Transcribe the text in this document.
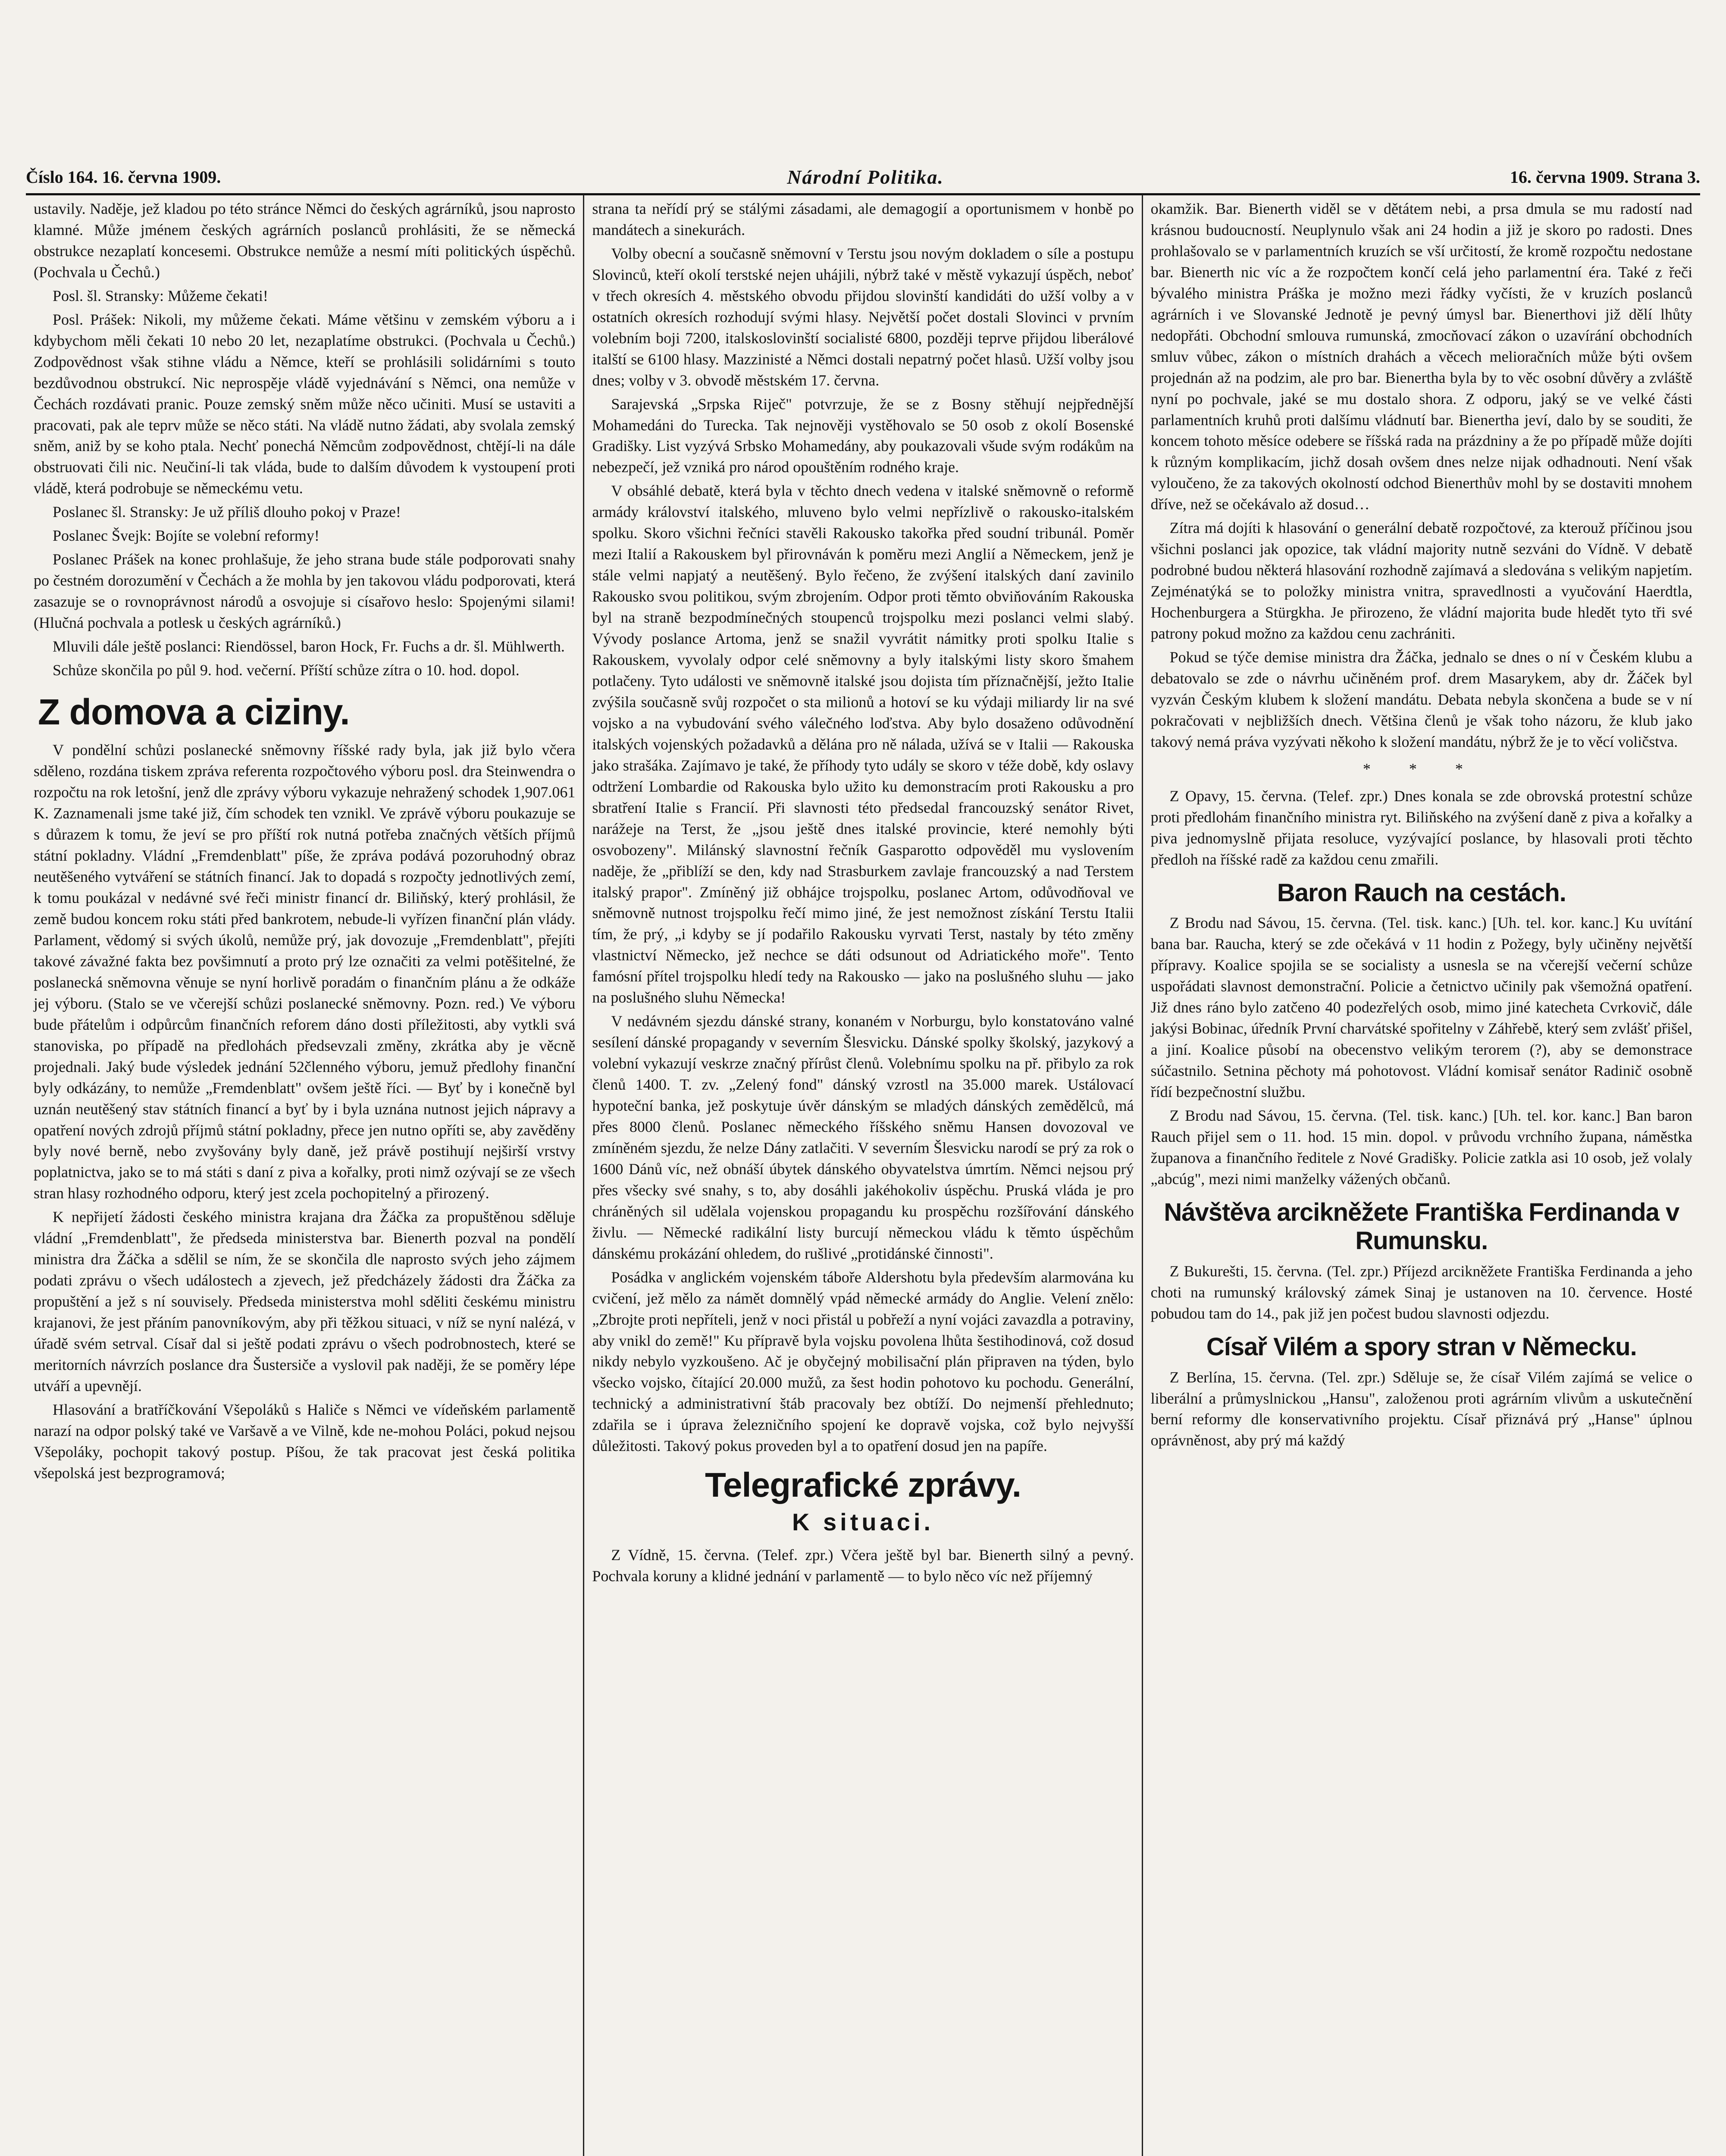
Číslo 164. 16. června 1909.	Národní Politika.	16. června 1909. Strana 3.

ustavily. Naděje, jež kladou po této stránce Němci do českých agrárníků, jsou naprosto klamné. Může jménem českých agrárních poslanců prohlásiti, že se německá obstrukce nezaplatí koncesemi. Obstrukce nemůže a nesmí míti politických úspěchů. (Pochvala u Čechů.)

Posl. šl. Stransky: Můžeme čekati!

Posl. Prášek: Nikoli, my můžeme čekati. Máme většinu v zemském výboru a i kdybychom měli čekati 10 nebo 20 let, nezaplatíme obstrukci. (Pochvala u Čechů.) Zodpovědnost však stihne vládu a Němce, kteří se prohlásili solidárními s touto bezdůvodnou obstrukcí. Nic neprospěje vládě vyjednávání s Němci, ona nemůže v Čechách rozdávati pranic. Pouze zemský sněm může něco učiniti. Musí se ustaviti a pracovati, pak ale teprv může se něco státi. Na vládě nutno žádati, aby svolala zemský sněm, aniž by se koho ptala. Nechť ponechá Němcům zodpovědnost, chtějí-li na dále obstruovati čili nic. Neučiní-li tak vláda, bude to dalším důvodem k vystoupení proti vládě, která podrobuje se německému vetu.

Poslanec šl. Stransky: Je už příliš dlouho pokoj v Praze!

Poslanec Švejk: Bojíte se volební reformy!

Poslanec Prášek na konec prohlašuje, že jeho strana bude stále podporovati snahy po čestném dorozumění v Čechách a že mohla by jen takovou vládu podporovati, která zasazuje se o rovnoprávnost národů a osvojuje si císařovo heslo: Spojenými silami! (Hlučná pochvala a potlesk u českých agrárníků.)

Mluvili dále ještě poslanci: Riendössel, baron Hock, Fr. Fuchs a dr. šl. Mühlwerth.

Schůze skončila po půl 9. hod. večerní. Příští schůze zítra o 10. hod. dopol.

Z domova a ciziny.

V pondělní schůzi poslanecké sněmovny říšské rady byla, jak již bylo včera sděleno, rozdána tiskem zpráva referenta rozpočtového výboru posl. dra Steinwendra o rozpočtu na rok letošní, jenž dle zprávy výboru vykazuje nehražený schodek 1,907.061 K. Zaznamenali jsme také již, čím schodek ten vznikl. Ve zprávě výboru poukazuje se s důrazem k tomu, že jeví se pro příští rok nutná potřeba značných větších příjmů státní pokladny. Vládní „Fremdenblatt" píše, že zpráva podává pozoruhodný obraz neutěšeného vytváření se státních financí. Jak to dopadá s rozpočty jednotlivých zemí, k tomu poukázal v nedávné své řeči ministr financí dr. Biliňský, který prohlásil, že země budou koncem roku státi před bankrotem, nebude-li vyřízen finanční plán vlády. Parlament, vědomý si svých úkolů, nemůže prý, jak dovozuje „Fremdenblatt", přejíti takové závažné fakta bez povšimnutí a proto prý lze označiti za velmi potěšitelné, že poslanecká sněmovna věnuje se nyní horlivě poradám o finančním plánu a že odkáže jej výboru. (Stalo se ve včerejší schůzi poslanecké sněmovny. Pozn. red.) Ve výboru bude přátelům i odpůrcům finančních reforem dáno dosti příležitosti, aby vytkli svá stanoviska, po případě na předlohách předsevzali změny, zkrátka aby je věcně projednali. Jaký bude výsledek jednání 52členného výboru, jemuž předlohy finanční byly odkázány, to nemůže „Fremdenblatt" ovšem ještě říci. — Byť by i konečně byl uznán neutěšený stav státních financí a byť by i byla uznána nutnost jejich nápravy a opatření nových zdrojů příjmů státní pokladny, přece jen nutno opříti se, aby zavěděny byly nové berně, nebo zvyšovány byly daně, jež právě postihují nejširší vrstvy poplatnictva, jako se to má státi s daní z piva a kořalky, proti nimž ozývají se ze všech stran hlasy rozhodného odporu, který jest zcela pochopitelný a přirozený.

K nepřijetí žádosti českého ministra krajana dra Žáčka za propuštěnou sděluje vládní „Fremdenblatt", že předseda ministerstva bar. Bienerth pozval na pondělí ministra dra Žáčka a sdělil se ním, že se skončila dle naprosto svých jeho zájmem podati zprávu o všech událostech a zjevech, jež předcházely žádosti dra Žáčka za propuštění a jež s ní souvisely. Předseda ministerstva mohl sděliti českému ministru krajanovi, že jest přáním panovníkovým, aby při těžkou situaci, v níž se nyní nalézá, v úřadě svém setrval. Císař dal si ještě podati zprávu o všech podrobnostech, které se meritorních návrzích poslance dra Šustersiče a vyslovil pak naději, že se poměry lépe utváří a upevnějí.

Hlasování a bratříčkování Všepoláků s Haliče s Němci ve vídeňském parlamentě narazí na odpor polský také ve Varšavě a ve Vilně, kde ne-mohou Poláci, pokud nejsou Všepoláky, pochopit takový postup. Píšou, že tak pracovat jest česká politika všepolská jest bezprogramová;

strana ta neřídí prý se stálými zásadami, ale demagogií a oportunismem v honbě po mandátech a sinekurách.

Volby obecní a současně sněmovní v Terstu jsou novým dokladem o síle a postupu Slovinců, kteří okolí terstské nejen uhájili, nýbrž také v městě vykazují úspěch, neboť v třech okresích 4. městského obvodu přijdou slovinští kandidáti do užší volby a v ostatních okresích rozhodují svými hlasy. Největší počet dostali Slovinci v prvním volebním boji 7200, italskoslovinští socialisté 6800, později teprve přijdou liberálové italští se 6100 hlasy. Mazzinisté a Němci dostali nepatrný počet hlasů. Užší volby jsou dnes; volby v 3. obvodě městském 17. června.

Sarajevská „Srpska Riječ" potvrzuje, že se z Bosny stěhují nejpřednější Mohamedáni do Turecka. Tak nejnověji vystěhovalo se 50 osob z okolí Bosenské Gradišky. List vyzývá Srbsko Mohamedány, aby poukazovali všude svým rodákům na nebezpečí, jež vzniká pro národ opouštěním rodného kraje.

V obsáhlé debatě, která byla v těchto dnech vedena v italské sněmovně o reformě armády království italského, mluveno bylo velmi nepřízlivě o rakousko-italském spolku. Skoro všichni řečníci stavěli Rakousko takořka před soudní tribunál. Poměr mezi Italií a Rakouskem byl přirovnáván k poměru mezi Anglií a Německem, jenž je stále velmi napjatý a neutěšený. Bylo řečeno, že zvýšení italských daní zavinilo Rakousko svou politikou, svým zbrojením. Odpor proti těmto obviňováním Rakouska byl na straně bezpodmínečných stoupenců trojspolku mezi poslanci velmi slabý. Vývody poslance Artoma, jenž se snažil vyvrátit námitky proti spolku Italie s Rakouskem, vyvolaly odpor celé sněmovny a byly italskými listy skoro šmahem potlačeny. Tyto události ve sněmovně italské jsou dojista tím příznačnější, ježto Italie zvýšila současně svůj rozpočet o sta milionů a hotoví se ku výdaji miliardy lir na své vojsko a na vybudování svého válečného loďstva. Aby bylo dosaženo odůvodnění italských vojenských požadavků a dělána pro ně nálada, užívá se v Italii — Rakouska jako strašáka. Zajímavo je také, že příhody tyto udály se skoro v téže době, kdy oslavy odtržení Lombardie od Rakouska bylo užito ku demonstracím proti Rakousku a pro sbratření Italie s Francií. Při slavnosti této předsedal francouzský senátor Rivet, narážeje na Terst, že „jsou ještě dnes italské provincie, které nemohly býti osvobozeny". Milánský slavnostní řečník Gasparotto odpověděl mu vyslovením naděje, že „přiblíží se den, kdy nad Strasburkem zavlaje francouzský a nad Terstem italský prapor". Zmíněný již obhájce trojspolku, poslanec Artom, odůvodňoval ve sněmovně nutnost trojspolku řečí mimo jiné, že jest nemožnost získání Terstu Italii tím, že prý, „i kdyby se jí podařilo Rakousku vyrvati Terst, nastaly by této změny vlastnictví Německo, jež nechce se dáti odsunout od Adriatického moře". Tento famósní přítel trojspolku hledí tedy na Rakousko — jako na poslušného sluhu — jako na poslušného sluhu Německa!

V nedávném sjezdu dánské strany, konaném v Norburgu, bylo konstatováno valné sesílení dánské propagandy v severním Šlesvicku. Dánské spolky školský, jazykový a volební vykazují veskrze značný přírůst členů. Volebnímu spolku na př. přibylo za rok členů 1400. T. zv. „Zelený fond" dánský vzrostl na 35.000 marek. Ustálovací hypoteční banka, jež poskytuje úvěr dánským se mladých dánských zemědělců, má přes 8000 členů. Poslanec německého říšského sněmu Hansen dovozoval ve zmíněném sjezdu, že nelze Dány zatlačiti. V severním Šlesvicku narodí se prý za rok o 1600 Dánů víc, než obnáší úbytek dánského obyvatelstva úmrtím. Němci nejsou prý přes všecky své snahy, s to, aby dosáhli jakéhokoliv úspěchu. Pruská vláda je pro chráněných sil udělala vojenskou propagandu ku prospěchu rozšířování dánského živlu. — Německé radikální listy burcují německou vládu k těmto úspěchům dánskému prokázání ohledem, do rušlivé „protidánské činnosti".

Posádka v anglickém vojenském táboře Aldershotu byla především alarmována ku cvičení, jež mělo za námět domnělý vpád německé armády do Anglie. Velení znělo: „Zbrojte proti nepříteli, jenž v noci přistál u pobřeží a nyní vojáci zavazdla a potraviny, aby vnikl do země!" Ku přípravě byla vojsku povolena lhůta šestihodinová, což dosud nikdy nebylo vyzkoušeno. Ač je obyčejný mobilisační plán připraven na týden, bylo všecko vojsko, čítající 20.000 mužů, za šest hodin pohotovo ku pochodu. Generální, technický a administrativní štáb pracovaly bez obtíží. Do nejmenší přehlednuto; zdařila se i úprava železničního spojení ke dopravě vojska, což bylo nejvyšší důležitosti. Takový pokus proveden byl a to opatření dosud jen na papíře.

Telegrafické zprávy.
K situaci.

Z Vídně, 15. června. (Telef. zpr.) Včera ještě byl bar. Bienerth silný a pevný. Pochvala koruny a klidné jednání v parlamentě — to bylo něco víc než příjemný

okamžik. Bar. Bienerth viděl se v dětátem nebi, a prsa dmula se mu radostí nad krásnou budoucností. Neuplynulo však ani 24 hodin a již je skoro po radosti. Dnes prohlašovalo se v parlamentních kruzích se vší určitostí, že kromě rozpočtu nedostane bar. Bienerth nic víc a že rozpočtem končí celá jeho parlamentní éra. Také z řeči bývalého ministra Práška je možno mezi řádky vyčísti, že v kruzích poslanců agrárních i ve Slovanské Jednotě je pevný úmysl bar. Bienerthovi již dělí lhůty nedopřáti. Obchodní smlouva rumunská, zmocňovací zákon o uzavírání obchodních smluv vůbec, zákon o místních drahách a věcech melioračních může býti ovšem projednán až na podzim, ale pro bar. Bienertha byla by to věc osobní důvěry a zvláště nyní po pochvale, jaké se mu dostalo shora. Z odporu, jaký se ve velké části parlamentních kruhů proti dalšímu vládnutí bar. Bienertha jeví, dalo by se souditi, že koncem tohoto měsíce odebere se říšská rada na prázdniny a že po případě může dojíti k různým komplikacím, jichž dosah ovšem dnes nelze nijak odhadnouti. Není však vyloučeno, že za takových okolností odchod Bienerthův mohl by se dostaviti mnohem dříve, než se očekávalo až dosud…

Zítra má dojíti k hlasování o generální debatě rozpočtové, za kterouž příčinou jsou všichni poslanci jak opozice, tak vládní majority nutně sezváni do Vídně. V debatě podrobné budou některá hlasování rozhodně zajímavá a sledována s velikým napjetím. Zejménatýká se to položky ministra vnitra, spravedlnosti a vyučování Haerdtla, Hochenburgera a Stürgkha. Je přirozeno, že vládní majorita bude hledět tyto tři své patrony pokud možno za každou cenu zachrániti.

Pokud se týče demise ministra dra Žáčka, jednalo se dnes o ní v Českém klubu a debatovalo se zde o návrhu učiněném prof. drem Masarykem, aby dr. Žáček byl vyzván Českým klubem k složení mandátu. Debata nebyla skončena a bude se v ní pokračovati v nejbližších dnech. Většina členů je však toho názoru, že klub jako takový nemá práva vyzývati někoho k složení mandátu, nýbrž že je to věcí voličstva.

* * *

Z Opavy, 15. června. (Telef. zpr.) Dnes konala se zde obrovská protestní schůze proti předlohám finančního ministra ryt. Biliňského na zvýšení daně z piva a kořalky a piva jednomyslně přijata resoluce, vyzývající poslance, by hlasovali proti těchto předloh na říšské radě za každou cenu zmařili.

Baron Rauch na cestách.

Z Brodu nad Sávou, 15. června. (Tel. tisk. kanc.) [Uh. tel. kor. kanc.] Ku uvítání bana bar. Raucha, který se zde očekává v 11 hodin z Požegy, byly učiněny největší přípravy. Koalice spojila se se socialisty a usnesla se na včerejší večerní schůze uspořádati slavnost demonstrační. Policie a četnictvo učinily pak všemožná opatření. Již dnes ráno bylo zatčeno 40 podezřelých osob, mimo jiné katecheta Cvrkovič, dále jakýsi Bobinac, úředník První charvátské spořitelny v Záhřebě, který sem zvlášť přišel, a jiní. Koalice působí na obecenstvo velikým terorem (?), aby se demonstrace súčastnilo. Setnina pěchoty má pohotovost. Vládní komisař senátor Radinič osobně řídí bezpečnostní službu.

Z Brodu nad Sávou, 15. června. (Tel. tisk. kanc.) [Uh. tel. kor. kanc.] Ban baron Rauch přijel sem o 11. hod. 15 min. dopol. v průvodu vrchního župana, náměstka županova a finančního ředitele z Nové Gradišky. Policie zatkla asi 10 osob, jež volaly „abcúg", mezi nimi manželky vážených občanů.

Návštěva arcikněžete Františka Ferdinanda v Rumunsku.

Z Bukurešti, 15. června. (Tel. zpr.) Příjezd arcikněžete Františka Ferdinanda a jeho choti na rumunský královský zámek Sinaj je ustanoven na 10. července. Hosté pobudou tam do 14., pak již jen počest budou slavnosti odjezdu.

Císař Vilém a spory stran v Německu.

Z Berlína, 15. června. (Tel. zpr.) Sděluje se, že císař Vilém zajímá se velice o liberální a průmyslnickou „Hansu", založenou proti agrárním vlivům a uskutečnění berní reformy dle konservativního projektu. Císař přiznává prý „Hanse" úplnou oprávněnost, aby prý má každý
